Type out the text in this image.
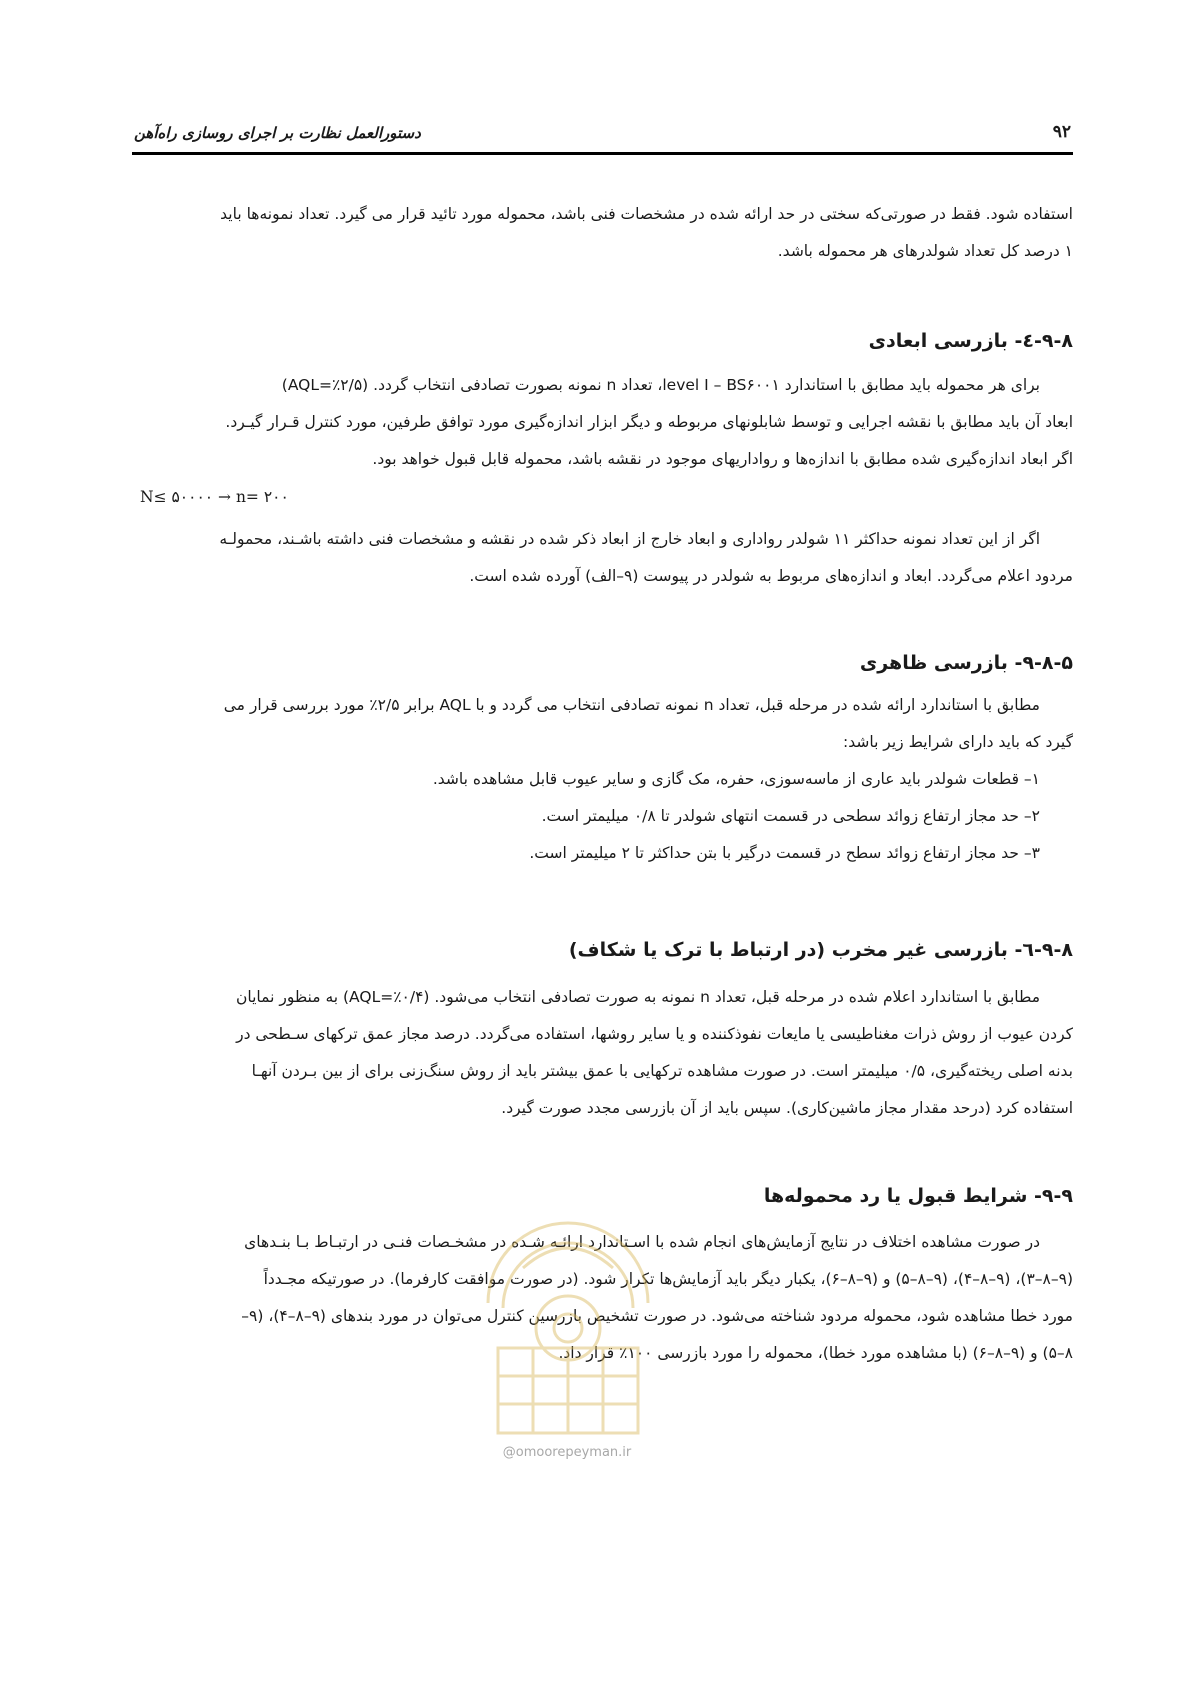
۹۲
دستورالعمل نظارت بر اجرای روسازی راه‌آهن
استفاده شود. فقط در صورتی‌که سختی در حد ارائه شده در مشخصات فنی باشد، محموله مورد تائید قرار می گیرد. تعداد نمونه‌ها باید
۱ درصد کل تعداد شولدرهای هر محموله باشد.
۹-۸-٤- بازرسی ابعادی
برای هر محموله باید مطابق با استاندارد level I – BS۶۰۰۱، تعداد n نمونه بصورت تصادفی انتخاب گردد. (AQL=٪۲/۵)
ابعاد آن باید مطابق با نقشه اجرایی و توسط شابلونهای مربوطه و دیگر ابزار اندازه‌گیری مورد توافق طرفین، مورد کنترل قـرار گیـرد.
اگر ابعاد اندازه‌گیری شده مطابق با اندازه‌ها و رواداریهای موجود در نقشه باشد، محموله قابل قبول خواهد بود.
N≤ ۵۰۰۰۰ → n= ۲۰۰
اگر از این تعداد نمونه حداکثر ۱۱ شولدر رواداری و ابعاد خارج از ابعاد ذکر شده در نقشه و مشخصات فنی داشته باشـند، محمولـه
مردود اعلام می‌گردد. ابعاد و اندازه‌های مربوط به شولدر در پیوست (۹–الف) آورده شده است.
۹-۸-۵- بازرسی ظاهری
مطابق با استاندارد ارائه شده در مرحله قبل، تعداد n نمونه تصادفی انتخاب می گردد و با AQL برابر ۲/۵٪ مورد بررسی قرار می
گیرد که باید دارای شرایط زیر باشد:
۱– قطعات شولدر باید عاری از ماسه‌سوزی، حفره، مک گازی و سایر عیوب قابل مشاهده باشد.
۲– حد مجاز ارتفاع زوائد سطحی در قسمت انتهای شولدر تا ۰/۸ میلیمتر است.
۳– حد مجاز ارتفاع زوائد سطح در قسمت درگیر با بتن حداکثر تا ۲ میلیمتر است.
۹-۸-٦- بازرسی غیر مخرب (در ارتباط با ترک یا شکاف)
مطابق با استاندارد اعلام شده در مرحله قبل، تعداد n نمونه به صورت تصادفی انتخاب می‌شود. (AQL=٪۰/۴) به منظور نمایان
کردن عیوب از روش ذرات مغناطیسی یا مایعات نفوذکننده و یا سایر روشها، استفاده می‌گردد. درصد مجاز عمق ترکهای سـطحی در
بدنه اصلی ریخته‌گیری، ۰/۵ میلیمتر است. در صورت مشاهده ترکهایی با عمق بیشتر باید از روش سنگ‌زنی برای از بین بـردن آنهـا
استفاده کرد (درحد مقدار مجاز ماشین‌کاری). سپس باید از آن بازرسی مجدد صورت گیرد.
۹-۹- شرایط قبول یا رد محموله‌ها
در صورت مشاهده اختلاف در نتایج آزمایش‌های انجام شده با اسـتاندارد ارائـه شـده در مشخـصات فنـی در ارتبـاط بـا بنـدهای
(۹–۸–۳)، (۹–۸–۴)، (۹–۸–۵) و (۹–۸–۶)، یکبار دیگر باید آزمایش‌ها تکرار شود. (در صورت موافقت کارفرما). در صورتیکه مجـدداً
مورد خطا مشاهده شود، محموله مردود شناخته می‌شود. در صورت تشخیص بازرسین کنترل می‌توان در مورد بندهای (۹–۸–۴)، (۹–
۸–۵) و (۹–۸–۶) (با مشاهده مورد خطا)، محموله را مورد بازرسی ۱۰۰٪ قرار داد.
@omoorepeyman.ir
